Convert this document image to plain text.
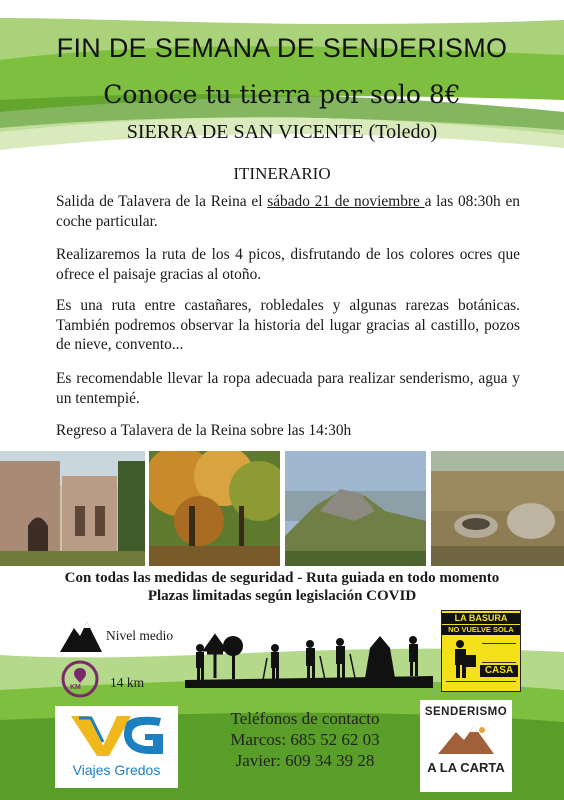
FIN DE SEMANA DE SENDERISMO
Conoce tu tierra por solo 8€
SIERRA DE SAN VICENTE (Toledo)
ITINERARIO
Salida de Talavera de la Reina el sábado 21 de noviembre a las 08:30h en coche particular.
Realizaremos la ruta de los 4 picos, disfrutando de los colores ocres que ofrece el paisaje gracias al otoño.
Es una ruta entre castañares, robledales y algunas rarezas botánicas. También podremos observar la historia del lugar gracias al castillo, pozos de nieve, convento...
Es recomendable llevar la ropa adecuada para realizar senderismo, agua y un tentempié.
Regreso a Talavera de la Reina sobre las 14:30h
Con todas las medidas de seguridad - Ruta guiada en todo momento
Plazas limitadas según legislación COVID
Nivel medio
KM 14 km
LA BASURA
NO VUELVE SOLA
CASA
Viajes Gredos
Teléfonos de contacto
Marcos: 685 52 62 03
Javier: 609 34 39 28
SENDERISMO
A LA CARTA
